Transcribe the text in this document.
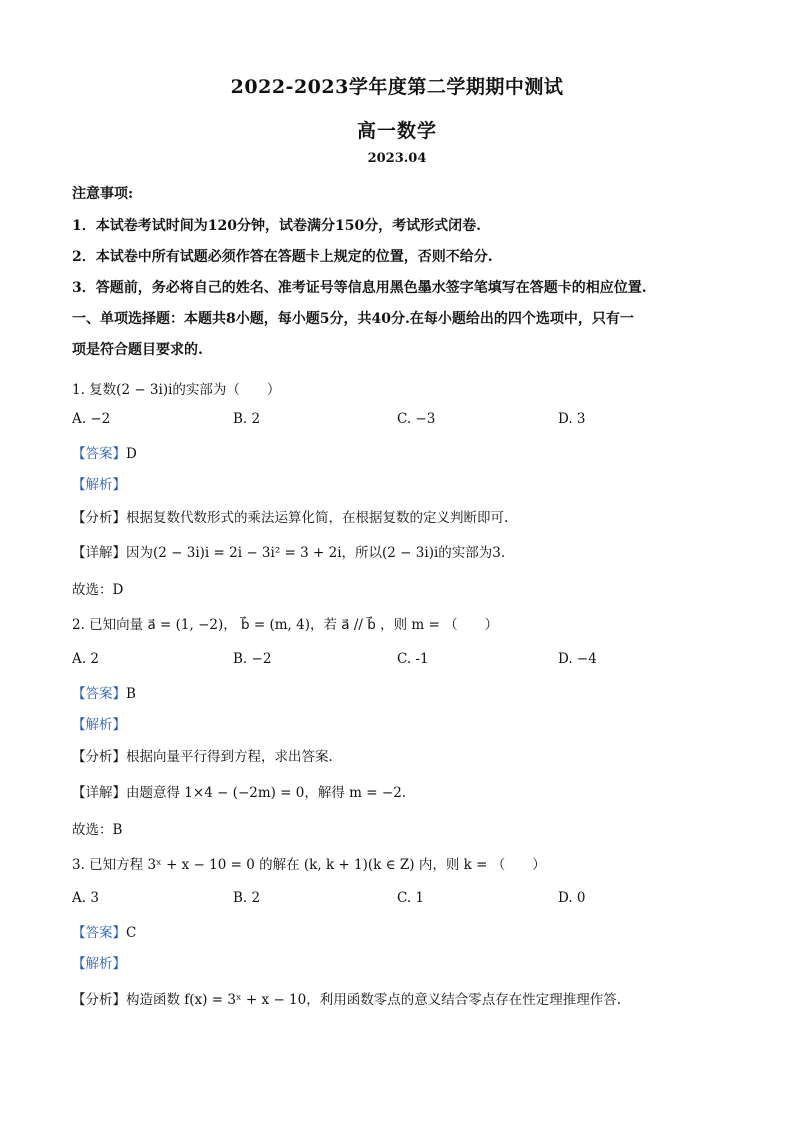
2022-2023学年度第二学期期中测试
高一数学
2023.04
注意事项:
1．本试卷考试时间为120分钟，试卷满分150分，考试形式闭卷.
2．本试卷中所有试题必须作答在答题卡上规定的位置，否则不给分.
3．答题前，务必将自己的姓名、准考证号等信息用黑色墨水签字笔填写在答题卡的相应位置.
一、单项选择题：本题共8小题，每小题5分，共40分.在每小题给出的四个选项中，只有一
项是符合题目要求的.
1. 复数(2 − 3i)i的实部为（　　）
A. −2	B. 2	C. −3	D. 3
【答案】D
【解析】
【分析】根据复数代数形式的乘法运算化简，在根据复数的定义判断即可.
【详解】因为(2 − 3i)i = 2i − 3i² = 3 + 2i，所以(2 − 3i)i的实部为3.
故选：D
2. 已知向量 a⃗ = (1, −2)， b⃗ = (m, 4)，若 a⃗ // b⃗ ，则 m = （　　）
A. 2	B. −2	C. -1	D. −4
【答案】B
【解析】
【分析】根据向量平行得到方程，求出答案.
【详解】由题意得 1×4 − (−2m) = 0，解得 m = −2.
故选：B
3. 已知方程 3ˣ + x − 10 = 0 的解在 (k, k + 1)(k ∈ Z) 内，则 k = （　　）
A. 3	B. 2	C. 1	D. 0
【答案】C
【解析】
【分析】构造函数 f(x) = 3ˣ + x − 10，利用函数零点的意义结合零点存在性定理推理作答.
